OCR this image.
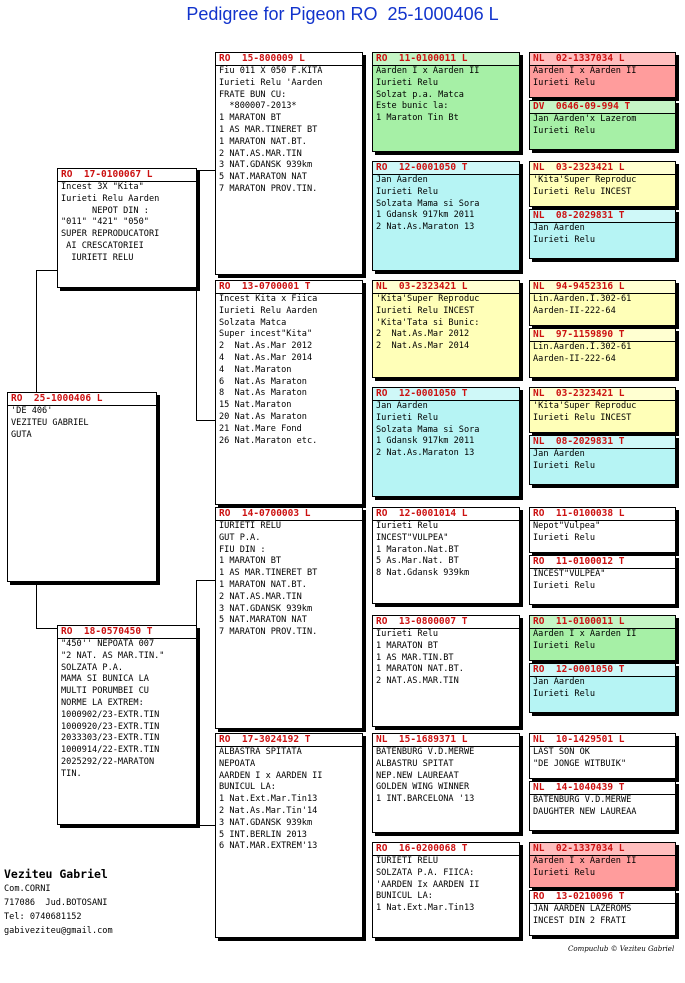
Pedigree for Pigeon RO  25-1000406 L
RO  25-1000406 L
'DE 406'
VEZITEU GABRIEL
GUTA
RO  17-0100067 L
Incest 3X "Kita"
Iurieti Relu Aarden
NEPOT DIN :
"011" "421" "050"
SUPER REPRODUCATORI
AI CRESCATORIEI
IURIETI RELU
RO  18-0570450 T
"450'' NEPOATA 007
"2 NAT. AS MAR.TIN."
SOLZATA P.A.
MAMA SI BUNICA LA
MULTI PORUMBEI CU
NORME LA EXTREM:
1000902/23-EXTR.TIN
1000920/23-EXTR.TIN
2033303/23-EXTR.TIN
1000914/22-EXTR.TIN
2025292/22-MARATON
TIN.
RO  15-800009 L
Fiu 011 X 050 F.KITA
Iurieti Relu 'Aarden
FRATE BUN CU:
*800007-2013*
1 MARATON BT
1 AS MAR.TINERET BT
1 MARATON NAT.BT.
2 NAT.AS.MAR.TIN
3 NAT.GDANSK 939km
5 NAT.MARATON NAT
7 MARATON PROV.TIN.
RO  13-0700001 T
Incest Kita x Fiica
Iurieti Relu Aarden
Solzata Matca
Super incest"Kita"
2  Nat.As.Mar 2012
4  Nat.As.Mar 2014
4  Nat.Maraton
6  Nat.As Maraton
8  Nat.As Maraton
15 Nat.Maraton
20 Nat.As Maraton
21 Nat.Mare Fond
26 Nat.Maraton etc.
RO  14-0700003 L
IURIETI RELU
GUT P.A.
FIU DIN :
1 MARATON BT
1 AS MAR.TINERET BT
1 MARATON NAT.BT.
2 NAT.AS.MAR.TIN
3 NAT.GDANSK 939km
5 NAT.MARATON NAT
7 MARATON PROV.TIN.
RO  17-3024192 T
ALBASTRA SPITATA
NEPOATA
AARDEN I x AARDEN II
BUNICUL LA:
1 Nat.Ext.Mar.Tin13
2 Nat.As.Mar.Tin'14
3 NAT.GDANSK 939km
5 INT.BERLIN 2013
6 NAT.MAR.EXTREM'13
RO  11-0100011 L
Aarden I x Aarden II
Iurieti Relu
Solzat p.a. Matca
Este bunic la:
1 Maraton Tin Bt
RO  12-0001050 T
Jan Aarden
Iurieti Relu
Solzata Mama si Sora
1 Gdansk 917km 2011
2 Nat.As.Maraton 13
NL  03-2323421 L
'Kita'Super Reproduc
Iurieti Relu INCEST
'Kita'Tata si Bunic:
2  Nat.As.Mar 2012
2  Nat.As.Mar 2014
RO  12-0001050 T
Jan Aarden
Iurieti Relu
Solzata Mama si Sora
1 Gdansk 917km 2011
2 Nat.As.Maraton 13
RO  12-0001014 L
Iurieti Relu
INCEST"VULPEA"
1 Maraton.Nat.BT
5 As.Mar.Nat. BT
8 Nat.Gdansk 939km
RO  13-0800007 T
Iurieti Relu
1 MARATON BT
1 AS MAR.TIN.BT
1 MARATON NAT.BT.
2 NAT.AS.MAR.TIN
NL  15-1689371 L
BATENBURG V.D.MERWE
ALBASTRU SPITAT
NEP.NEW LAUREAAT
GOLDEN WING WINNER
1 INT.BARCELONA '13
RO  16-0200068 T
IURIETI RELU
SOLZATA P.A. FIICA:
'AARDEN Ix AARDEN II
BUNICUL LA:
1 Nat.Ext.Mar.Tin13
NL  02-1337034 L
Aarden I x Aarden II
Iurieti Relu
DV  0646-09-994 T
Jan Aarden'x Lazerom
Iurieti Relu
NL  03-2323421 L
'Kita'Super Reproduc
Iurieti Relu INCEST
NL  08-2029831 T
Jan Aarden
Iurieti Relu
NL  94-9452316 L
Lin.Aarden.I.302-61
Aarden-II-222-64
NL  97-1159890 T
Lin.Aarden.I.302-61
Aarden-II-222-64
NL  03-2323421 L
'Kita'Super Reproduc
Iurieti Relu INCEST
NL  08-2029831 T
Jan Aarden
Iurieti Relu
RO  11-0100038 L
Nepot"Vulpea"
Iurieti Relu
RO  11-0100012 T
INCEST"VULPEA"
Iurieti Relu
RO  11-0100011 L
Aarden I x Aarden II
Iurieti Relu
RO  12-0001050 T
Jan Aarden
Iurieti Relu
NL  10-1429501 L
LAST SON OK
"DE JONGE WITBUIK"
NL  14-1040439 T
BATENBURG V.D.MERWE
DAUGHTER NEW LAUREAA
NL  02-1337034 L
Aarden I x Aarden II
Iurieti Relu
RO  13-0210096 T
JAN AARDEN LAZEROMS
INCEST DIN 2 FRATI
Veziteu Gabriel
Com.CORNI
717086  Jud.BOTOSANI
Tel: 0740681152
gabiveziteu@gmail.com
Compuclub © Veziteu Gabriel
